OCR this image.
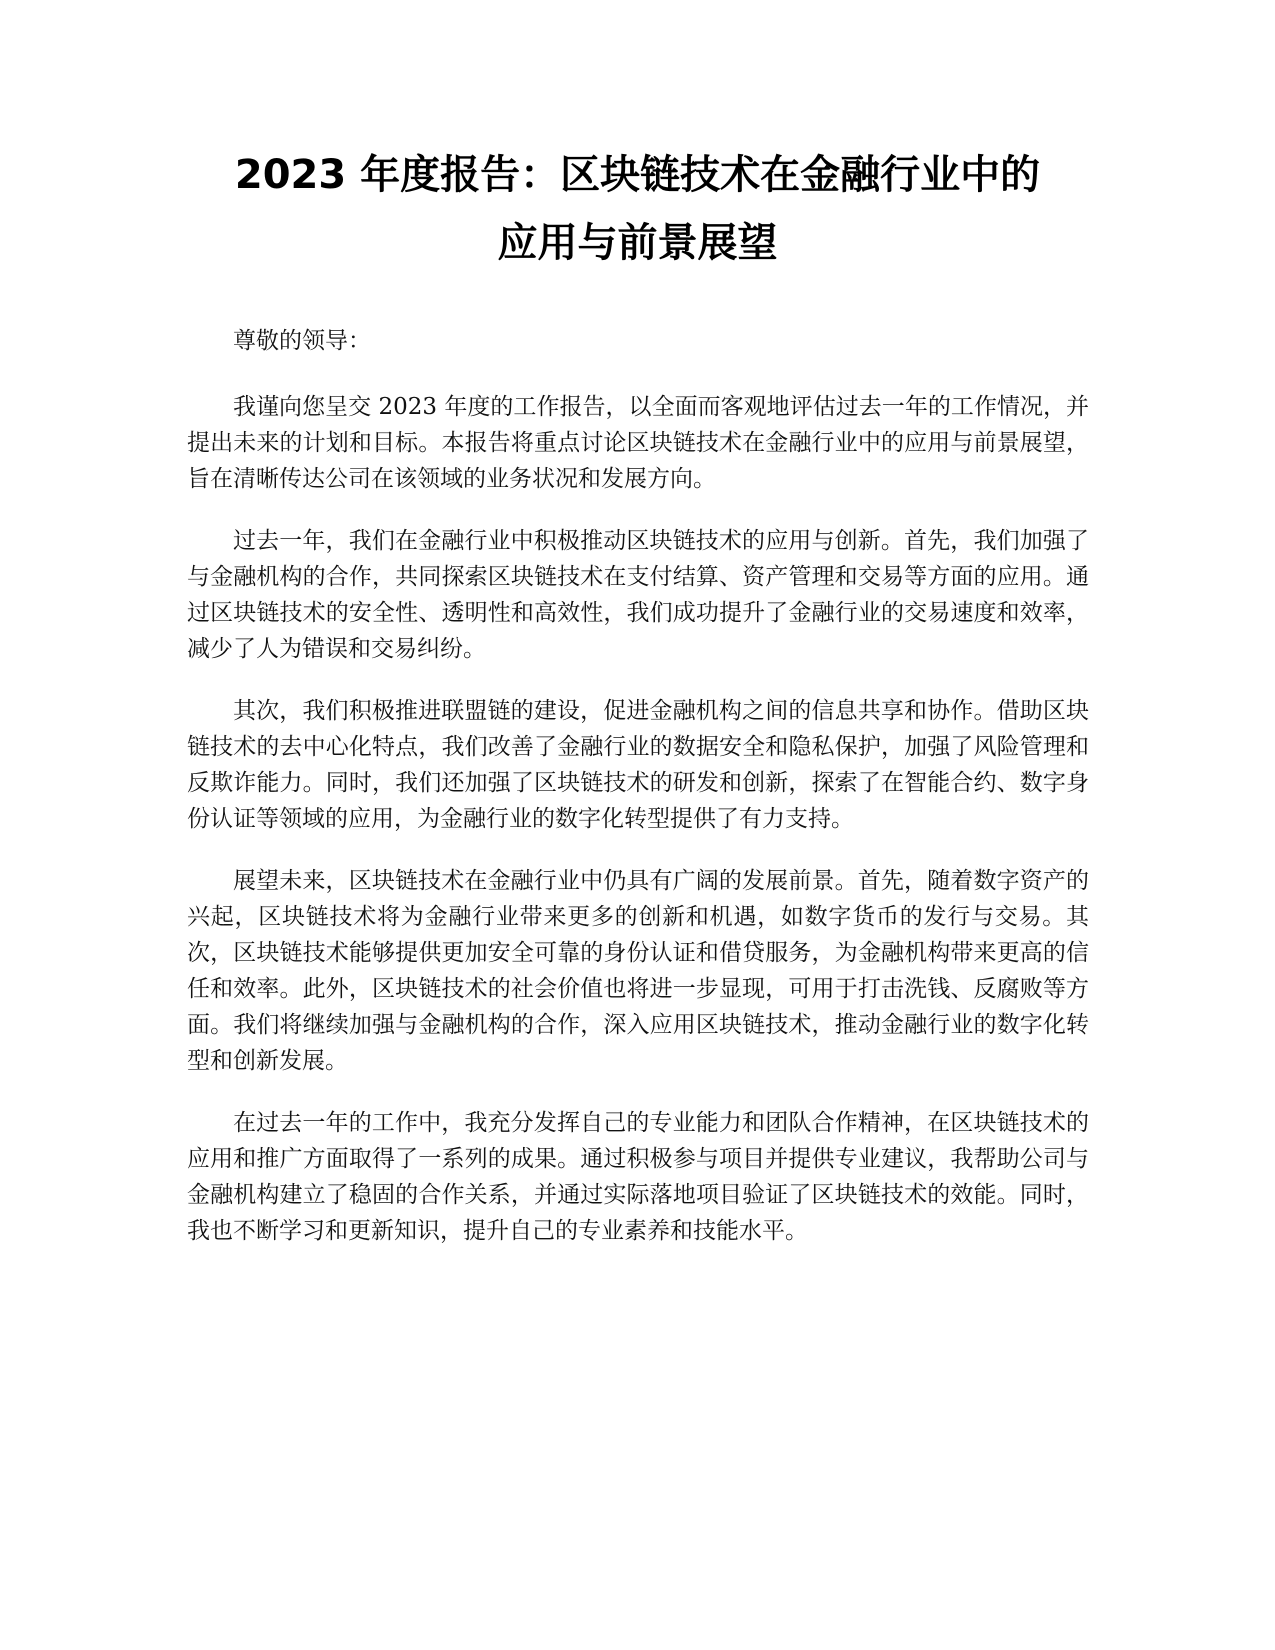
2023 年度报告：区块链技术在金融行业中的
应用与前景展望

尊敬的领导：

我谨向您呈交 2023 年度的工作报告，以全面而客观地评估过去一年的工作情况，并提出未来的计划和目标。本报告将重点讨论区块链技术在金融行业中的应用与前景展望，旨在清晰传达公司在该领域的业务状况和发展方向。

过去一年，我们在金融行业中积极推动区块链技术的应用与创新。首先，我们加强了与金融机构的合作，共同探索区块链技术在支付结算、资产管理和交易等方面的应用。通过区块链技术的安全性、透明性和高效性，我们成功提升了金融行业的交易速度和效率，减少了人为错误和交易纠纷。

其次，我们积极推进联盟链的建设，促进金融机构之间的信息共享和协作。借助区块链技术的去中心化特点，我们改善了金融行业的数据安全和隐私保护，加强了风险管理和反欺诈能力。同时，我们还加强了区块链技术的研发和创新，探索了在智能合约、数字身份认证等领域的应用，为金融行业的数字化转型提供了有力支持。

展望未来，区块链技术在金融行业中仍具有广阔的发展前景。首先，随着数字资产的兴起，区块链技术将为金融行业带来更多的创新和机遇，如数字货币的发行与交易。其次，区块链技术能够提供更加安全可靠的身份认证和借贷服务，为金融机构带来更高的信任和效率。此外，区块链技术的社会价值也将进一步显现，可用于打击洗钱、反腐败等方面。我们将继续加强与金融机构的合作，深入应用区块链技术，推动金融行业的数字化转型和创新发展。

在过去一年的工作中，我充分发挥自己的专业能力和团队合作精神，在区块链技术的应用和推广方面取得了一系列的成果。通过积极参与项目并提供专业建议，我帮助公司与金融机构建立了稳固的合作关系，并通过实际落地项目验证了区块链技术的效能。同时，我也不断学习和更新知识，提升自己的专业素养和技能水平。
